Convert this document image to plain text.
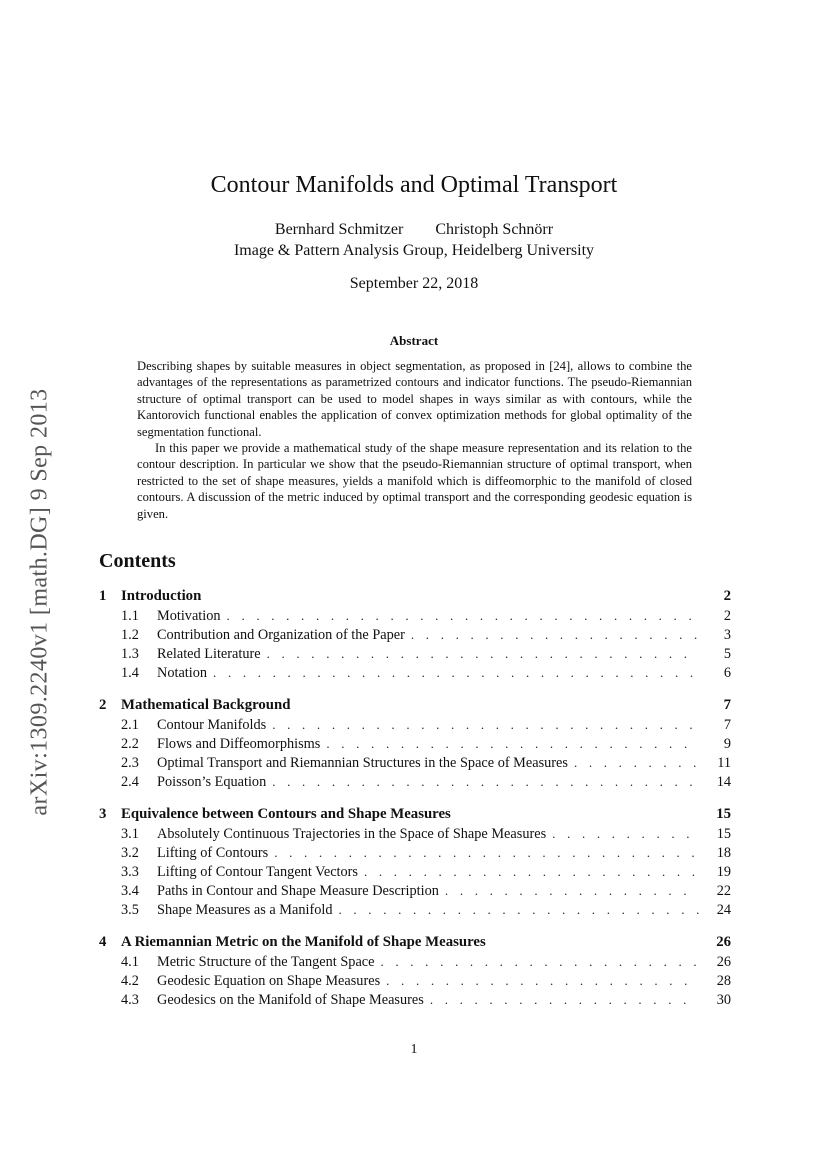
arXiv:1309.2240v1 [math.DG] 9 Sep 2013
Contour Manifolds and Optimal Transport
Bernhard Schmitzer Christoph Schnörr
Image & Pattern Analysis Group, Heidelberg University
September 22, 2018
Abstract

Describing shapes by suitable measures in object segmentation, as proposed in [24], allows to combine the advantages of the representations as parametrized contours and indicator functions. The pseudo-Riemannian structure of optimal transport can be used to model shapes in ways similar as with contours, while the Kantorovich functional enables the application of convex optimization methods for global optimality of the segmentation functional.

In this paper we provide a mathematical study of the shape measure representation and its relation to the contour description. In particular we show that the pseudo-Riemannian structure of optimal transport, when restricted to the set of shape measures, yields a manifold which is diffeomorphic to the manifold of closed contours. A discussion of the metric induced by optimal transport and the corresponding geodesic equation is given.

Contents
1 Introduction	2
1.1	Motivation . . .	2
1.2	Contribution and Organization of the Paper . . .	3
1.3	Related Literature . . .	5
1.4	Notation . . .	6
2 Mathematical Background	7
2.1	Contour Manifolds . . .	7
2.2	Flows and Diffeomorphisms . . .	9
2.3	Optimal Transport and Riemannian Structures in the Space of Measures . . .	11
2.4	Poisson’s Equation . . .	14
3 Equivalence between Contours and Shape Measures	15
3.1	Absolutely Continuous Trajectories in the Space of Shape Measures . . .	15
3.2	Lifting of Contours . . .	18
3.3	Lifting of Contour Tangent Vectors . . .	19
3.4	Paths in Contour and Shape Measure Description . . .	22
3.5	Shape Measures as a Manifold . . .	24
4 A Riemannian Metric on the Manifold of Shape Measures	26
4.1	Metric Structure of the Tangent Space . . .	26
4.2	Geodesic Equation on Shape Measures . . .	28
4.3	Geodesics on the Manifold of Shape Measures . . .	30
1
